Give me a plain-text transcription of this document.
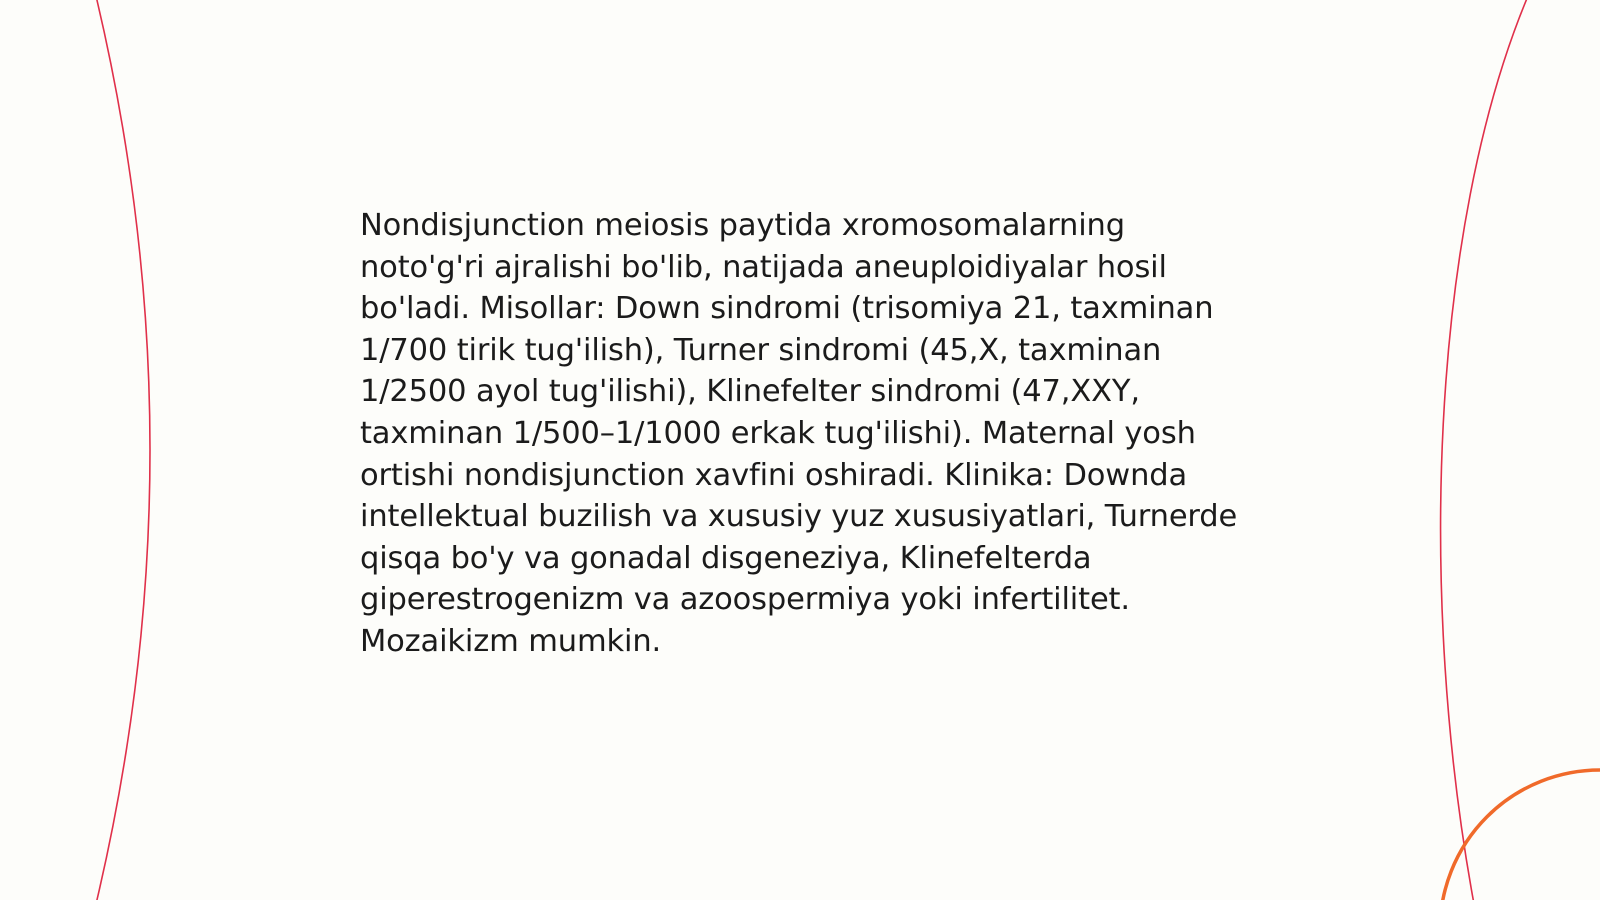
Nondisjunction meiosis paytida xromosomalarning noto'g'ri ajralishi bo'lib, natijada aneuploidiyalar hosil bo'ladi. Misollar: Down sindromi (trisomiya 21, taxminan 1/700 tirik tug'ilish), Turner sindromi (45,X, taxminan 1/2500 ayol tug'ilishi), Klinefelter sindromi (47,XXY, taxminan 1/500–1/1000 erkak tug'ilishi). Maternal yosh ortishi nondisjunction xavfini oshiradi. Klinika: Downda intellektual buzilish va xususiy yuz xususiyatlari, Turnerde qisqa bo'y va gonadal disgeneziya, Klinefelterda giperestrogenizm va azoospermiya yoki infertilitet. Mozaikizm mumkin.
